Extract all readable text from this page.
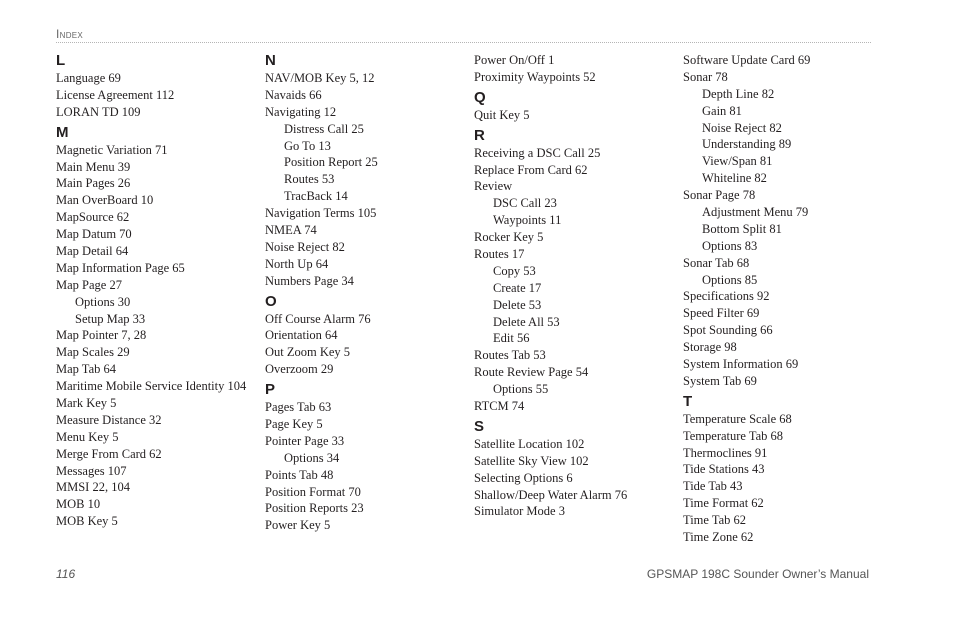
Index
L
Language 69
License Agreement 112
LORAN TD 109
M
Magnetic Variation 71
Main Menu 39
Main Pages 26
Man OverBoard 10
MapSource 62
Map Datum 70
Map Detail 64
Map Information Page 65
Map Page 27
Options 30
Setup Map 33
Map Pointer 7, 28
Map Scales 29
Map Tab 64
Maritime Mobile Service Identity 104
Mark Key 5
Measure Distance 32
Menu Key 5
Merge From Card 62
Messages 107
MMSI 22, 104
MOB 10
MOB Key 5
N
NAV/MOB Key 5, 12
Navaids 66
Navigating 12
Distress Call 25
Go To 13
Position Report 25
Routes 53
TracBack 14
Navigation Terms 105
NMEA 74
Noise Reject 82
North Up 64
Numbers Page 34
O
Off Course Alarm 76
Orientation 64
Out Zoom Key 5
Overzoom 29
P
Pages Tab 63
Page Key 5
Pointer Page 33
Options 34
Points Tab 48
Position Format 70
Position Reports 23
Power Key 5
Power On/Off 1
Proximity Waypoints 52
Q
Quit Key 5
R
Receiving a DSC Call 25
Replace From Card 62
Review
DSC Call 23
Waypoints 11
Rocker Key 5
Routes 17
Copy 53
Create 17
Delete 53
Delete All 53
Edit 56
Routes Tab 53
Route Review Page 54
Options 55
RTCM 74
S
Satellite Location 102
Satellite Sky View 102
Selecting Options 6
Shallow/Deep Water Alarm 76
Simulator Mode 3
Software Update Card 69
Sonar 78
Depth Line 82
Gain 81
Noise Reject 82
Understanding 89
View/Span 81
Whiteline 82
Sonar Page 78
Adjustment Menu 79
Bottom Split 81
Options 83
Sonar Tab 68
Options 85
Specifications 92
Speed Filter 69
Spot Sounding 66
Storage 98
System Information 69
System Tab 69
T
Temperature Scale 68
Temperature Tab 68
Thermoclines 91
Tide Stations 43
Tide Tab 43
Time Format 62
Time Tab 62
Time Zone 62
116	GPSMAP 198C Sounder Owner’s Manual
